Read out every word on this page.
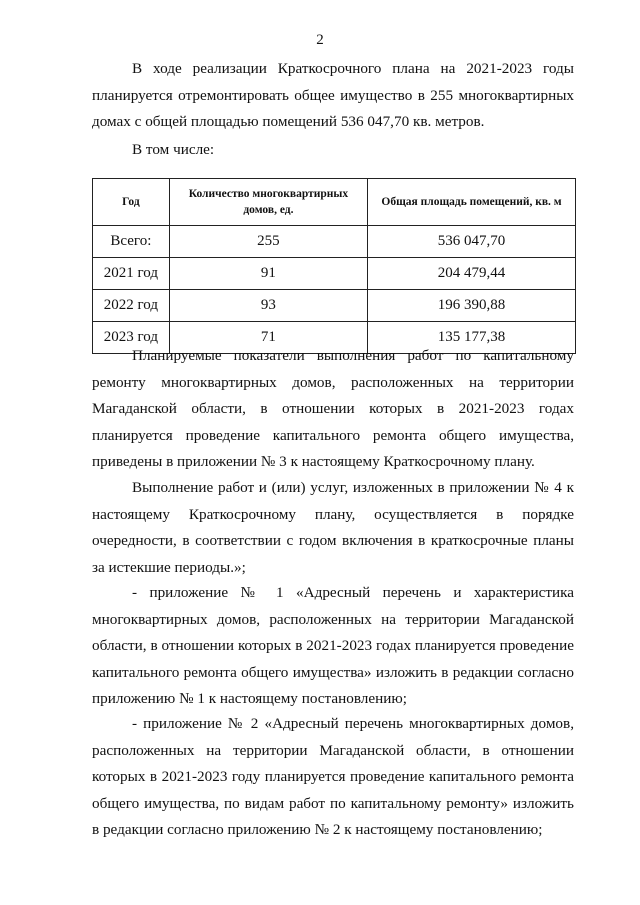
2

В ходе реализации Краткосрочного плана на 2021-2023 годы планируется отремонтировать общее имущество в 255 многоквартирных домах с общей площадью помещений 536 047,70 кв. метров.

В том числе:

Год	Количество многоквартирных домов, ед.	Общая площадь помещений, кв. м
Всего:	255	536 047,70
2021 год	91	204 479,44
2022 год	93	196 390,88
2023 год	71	135 177,38

Планируемые показатели выполнения работ по капитальному ремонту многоквартирных домов, расположенных на территории Магаданской области, в отношении которых в 2021-2023 годах планируется проведение капитального ремонта общего имущества, приведены в приложении № 3 к настоящему Краткосрочному плану.

Выполнение работ и (или) услуг, изложенных в приложении № 4 к настоящему Краткосрочному плану, осуществляется в порядке очередности, в соответствии с годом включения в краткосрочные планы за истекшие периоды.»;

- приложение № 1 «Адресный перечень и характеристика многоквартирных домов, расположенных на территории Магаданской области, в отношении которых в 2021-2023 годах планируется проведение капитального ремонта общего имущества» изложить в редакции согласно приложению № 1 к настоящему постановлению;

- приложение № 2 «Адресный перечень многоквартирных домов, расположенных на территории Магаданской области, в отношении которых в 2021-2023 году планируется проведение капитального ремонта общего имущества, по видам работ по капитальному ремонту» изложить в редакции согласно приложению № 2 к настоящему постановлению;
